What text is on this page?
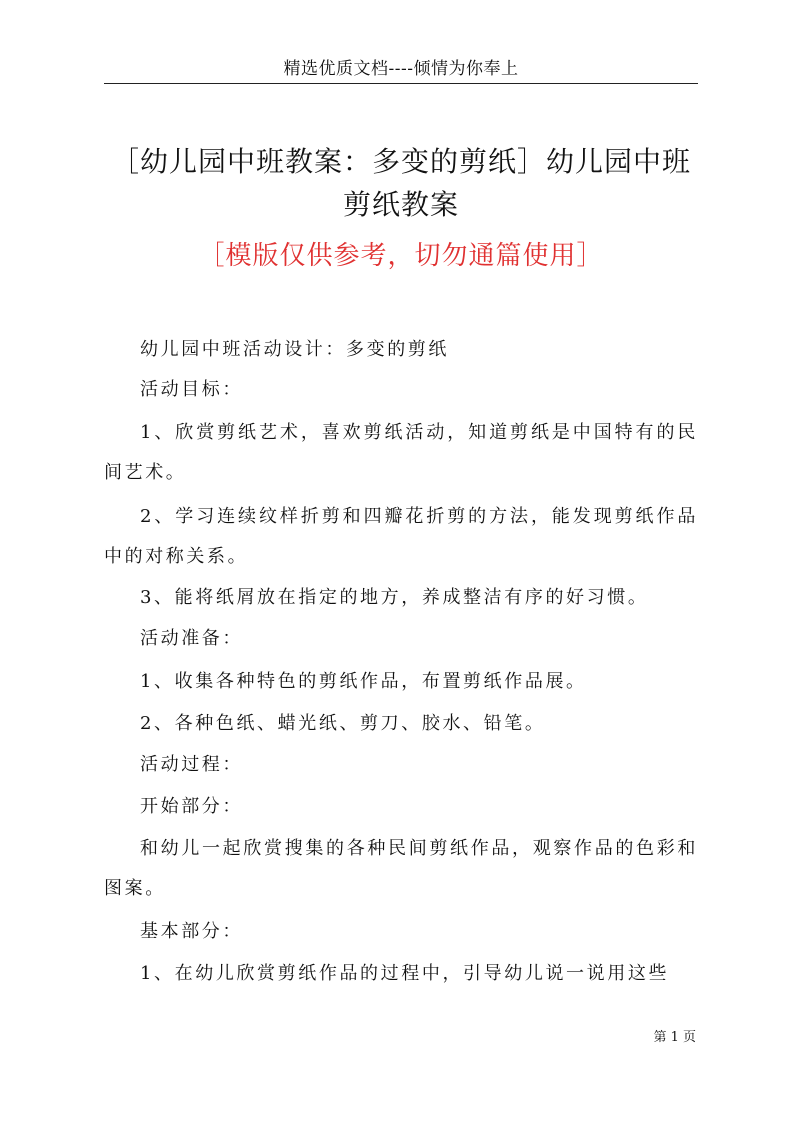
精选优质文档----倾情为你奉上
［幼儿园中班教案：多变的剪纸］幼儿园中班剪纸教案
［模版仅供参考，切勿通篇使用］

幼儿园中班活动设计：多变的剪纸

活动目标：

1、欣赏剪纸艺术，喜欢剪纸活动，知道剪纸是中国特有的民间艺术。

2、学习连续纹样折剪和四瓣花折剪的方法，能发现剪纸作品中的对称关系。

3、能将纸屑放在指定的地方，养成整洁有序的好习惯。

活动准备：

1、收集各种特色的剪纸作品，布置剪纸作品展。

2、各种色纸、蜡光纸、剪刀、胶水、铅笔。

活动过程：

开始部分：

和幼儿一起欣赏搜集的各种民间剪纸作品，观察作品的色彩和图案。

基本部分：

1、在幼儿欣赏剪纸作品的过程中，引导幼儿说一说用这些

第 1 页
